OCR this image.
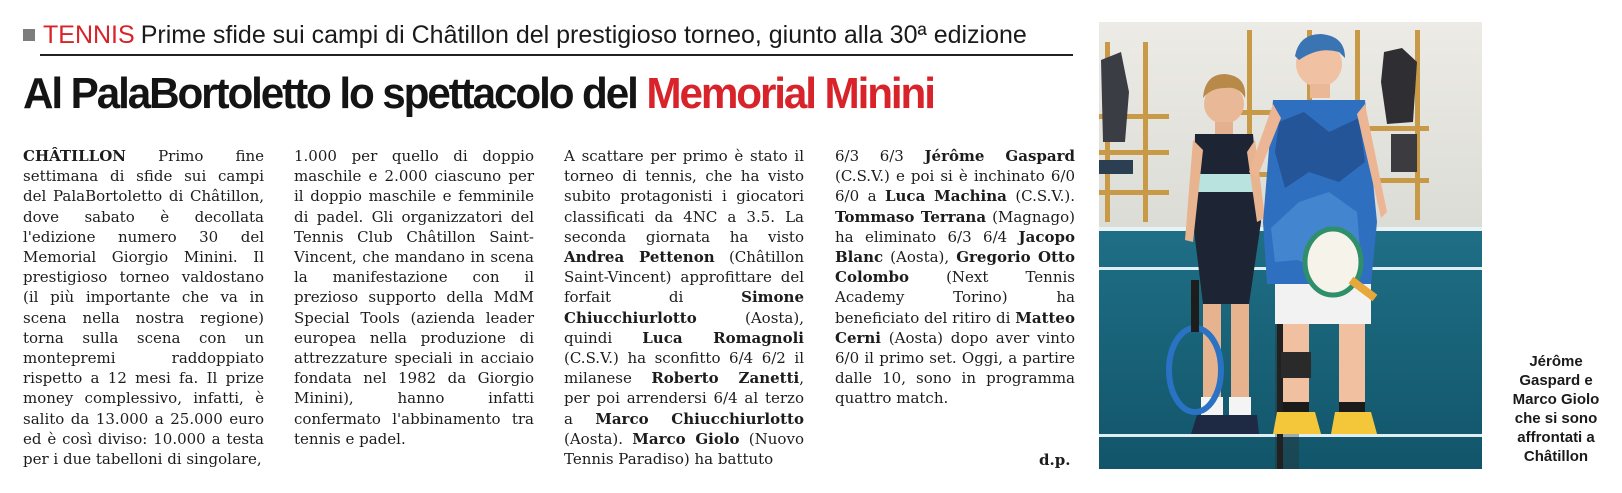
TENNIS Prime sfide sui campi di Châtillon del prestigioso torneo, giunto alla 30ª edizione
Al PalaBortoletto lo spettacolo del Memorial Minini

CHÂTILLON Primo fine settimana di sfide sui campi del PalaBortoletto di Châtillon, dove sabato è decollata l'edizione numero 30 del Memorial Giorgio Minini. Il prestigioso torneo valdostano (il più importante che va in scena nella nostra regione) torna sulla scena con un montepremi raddoppiato rispetto a 12 mesi fa. Il prize money complessivo, infatti, è salito da 13.000 a 25.000 euro ed è così diviso: 10.000 a testa per i due tabelloni di singolare,

1.000 per quello di doppio maschile e 2.000 ciascuno per il doppio maschile e femminile di padel. Gli organizzatori del Tennis Club Châtillon Saint-Vincent, che mandano in scena la manifestazione con il prezioso supporto della MdM Special Tools (azienda leader europea nella produzione di attrezzature speciali in acciaio fondata nel 1982 da Giorgio Minini), hanno infatti confermato l'abbinamento tra tennis e padel.

A scattare per primo è stato il torneo di tennis, che ha visto subito protagonisti i giocatori classificati da 4NC a 3.5. La seconda giornata ha visto Andrea Pettenon (Châtillon Saint-Vincent) approfittare del forfait di	Simone Chiucchiurlotto	(Aosta), quindi Luca Romagnoli (C.S.V.) ha sconfitto 6/4 6/2 il milanese Roberto Zanetti, per poi arrendersi 6/4 al terzo a Marco Chiucchiurlotto (Aosta). Marco Giolo (Nuovo Tennis Paradiso) ha battuto

6/3 6/3 Jérôme Gaspard (C.S.V.) e poi si è inchinato 6/0 6/0 a Luca Machina (C.S.V.). Tommaso Terrana (Magnago) ha eliminato 6/3 6/4 Jacopo Blanc (Aosta), Gregorio Otto Colombo (Next Tennis Academy Torino) ha beneficiato del ritiro di Matteo Cerni (Aosta) dopo aver vinto 6/0 il primo set. Oggi, a partire dalle 10, sono in programma quattro match.

d.p.
Jérôme Gaspard e Marco Giolo che si sono affrontati a Châtillon
